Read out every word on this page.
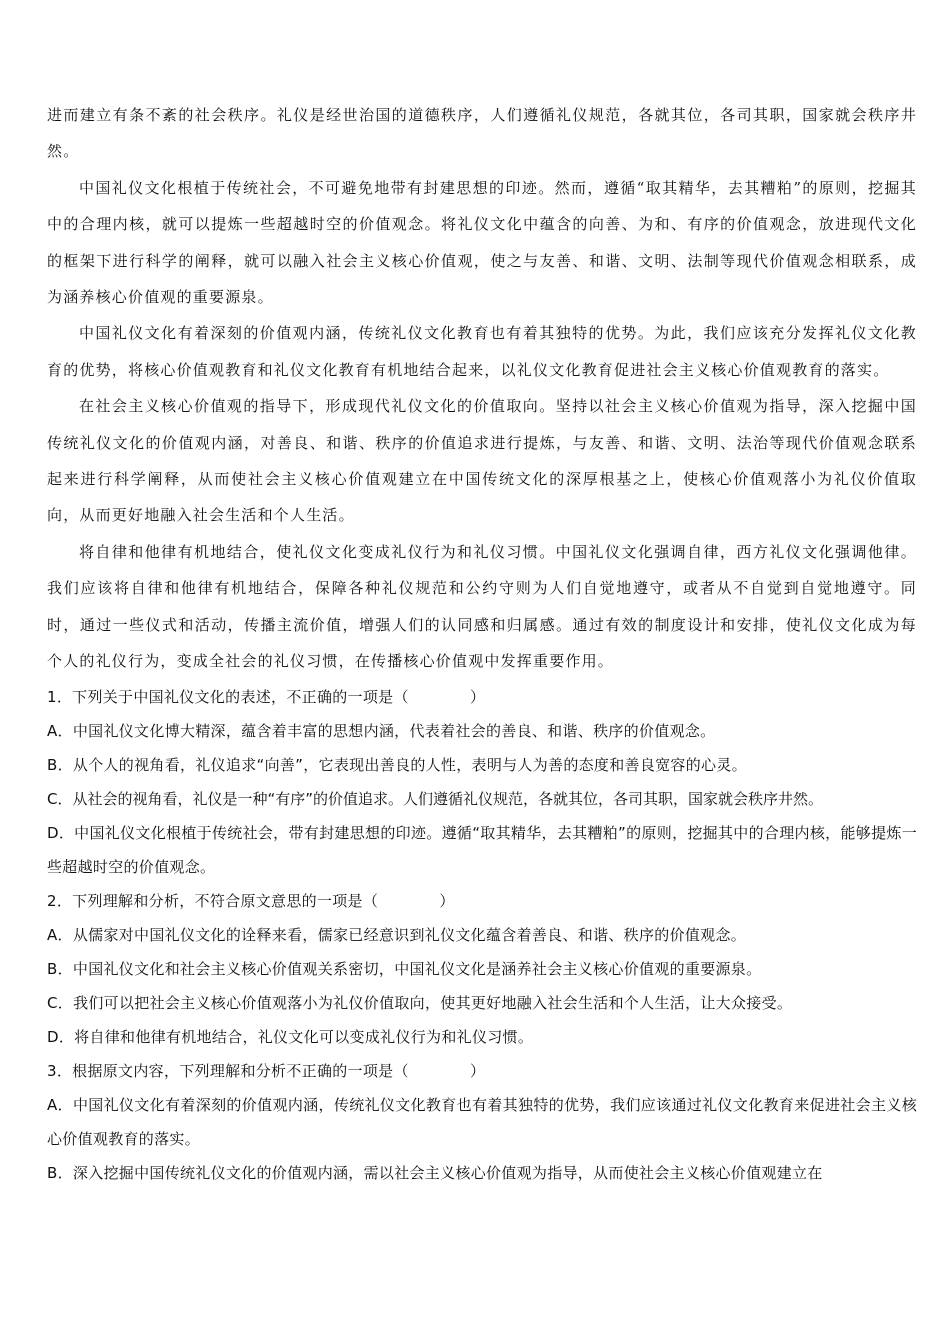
进而建立有条不紊的社会秩序。礼仪是经世治国的道德秩序，人们遵循礼仪规范，各就其位，各司其职，国家就会秩序井然。

中国礼仪文化根植于传统社会，不可避免地带有封建思想的印迹。然而，遵循“取其精华，去其糟粕”的原则，挖掘其中的合理内核，就可以提炼一些超越时空的价值观念。将礼仪文化中蕴含的向善、为和、有序的价值观念，放进现代文化的框架下进行科学的阐释，就可以融入社会主义核心价值观，使之与友善、和谐、文明、法制等现代价值观念相联系，成为涵养核心价值观的重要源泉。

中国礼仪文化有着深刻的价值观内涵，传统礼仪文化教育也有着其独特的优势。为此，我们应该充分发挥礼仪文化教育的优势，将核心价值观教育和礼仪文化教育有机地结合起来，以礼仪文化教育促进社会主义核心价值观教育的落实。

在社会主义核心价值观的指导下，形成现代礼仪文化的价值取向。坚持以社会主义核心价值观为指导，深入挖掘中国传统礼仪文化的价值观内涵，对善良、和谐、秩序的价值追求进行提炼，与友善、和谐、文明、法治等现代价值观念联系起来进行科学阐释，从而使社会主义核心价值观建立在中国传统文化的深厚根基之上，使核心价值观落小为礼仪价值取向，从而更好地融入社会生活和个人生活。

将自律和他律有机地结合，使礼仪文化变成礼仪行为和礼仪习惯。中国礼仪文化强调自律，西方礼仪文化强调他律。我们应该将自律和他律有机地结合，保障各种礼仪规范和公约守则为人们自觉地遵守，或者从不自觉到自觉地遵守。同时，通过一些仪式和活动，传播主流价值，增强人们的认同感和归属感。通过有效的制度设计和安排，使礼仪文化成为每个人的礼仪行为，变成全社会的礼仪习惯，在传播核心价值观中发挥重要作用。

1．下列关于中国礼仪文化的表述，不正确的一项是（　　　　）

A．中国礼仪文化博大精深，蕴含着丰富的思想内涵，代表着社会的善良、和谐、秩序的价值观念。

B．从个人的视角看，礼仪追求“向善”，它表现出善良的人性，表明与人为善的态度和善良宽容的心灵。

C．从社会的视角看，礼仪是一种“有序”的价值追求。人们遵循礼仪规范，各就其位，各司其职，国家就会秩序井然。

D．中国礼仪文化根植于传统社会，带有封建思想的印迹。遵循“取其精华，去其糟粕”的原则，挖掘其中的合理内核，能够提炼一些超越时空的价值观念。

2．下列理解和分析，不符合原文意思的一项是（　　　　）

A．从儒家对中国礼仪文化的诠释来看，儒家已经意识到礼仪文化蕴含着善良、和谐、秩序的价值观念。

B．中国礼仪文化和社会主义核心价值观关系密切，中国礼仪文化是涵养社会主义核心价值观的重要源泉。

C．我们可以把社会主义核心价值观落小为礼仪价值取向，使其更好地融入社会生活和个人生活，让大众接受。

D．将自律和他律有机地结合，礼仪文化可以变成礼仪行为和礼仪习惯。

3．根据原文内容，下列理解和分析不正确的一项是（　　　　）

A．中国礼仪文化有着深刻的价值观内涵，传统礼仪文化教育也有着其独特的优势，我们应该通过礼仪文化教育来促进社会主义核心价值观教育的落实。

B．深入挖掘中国传统礼仪文化的价值观内涵，需以社会主义核心价值观为指导，从而使社会主义核心价值观建立在
